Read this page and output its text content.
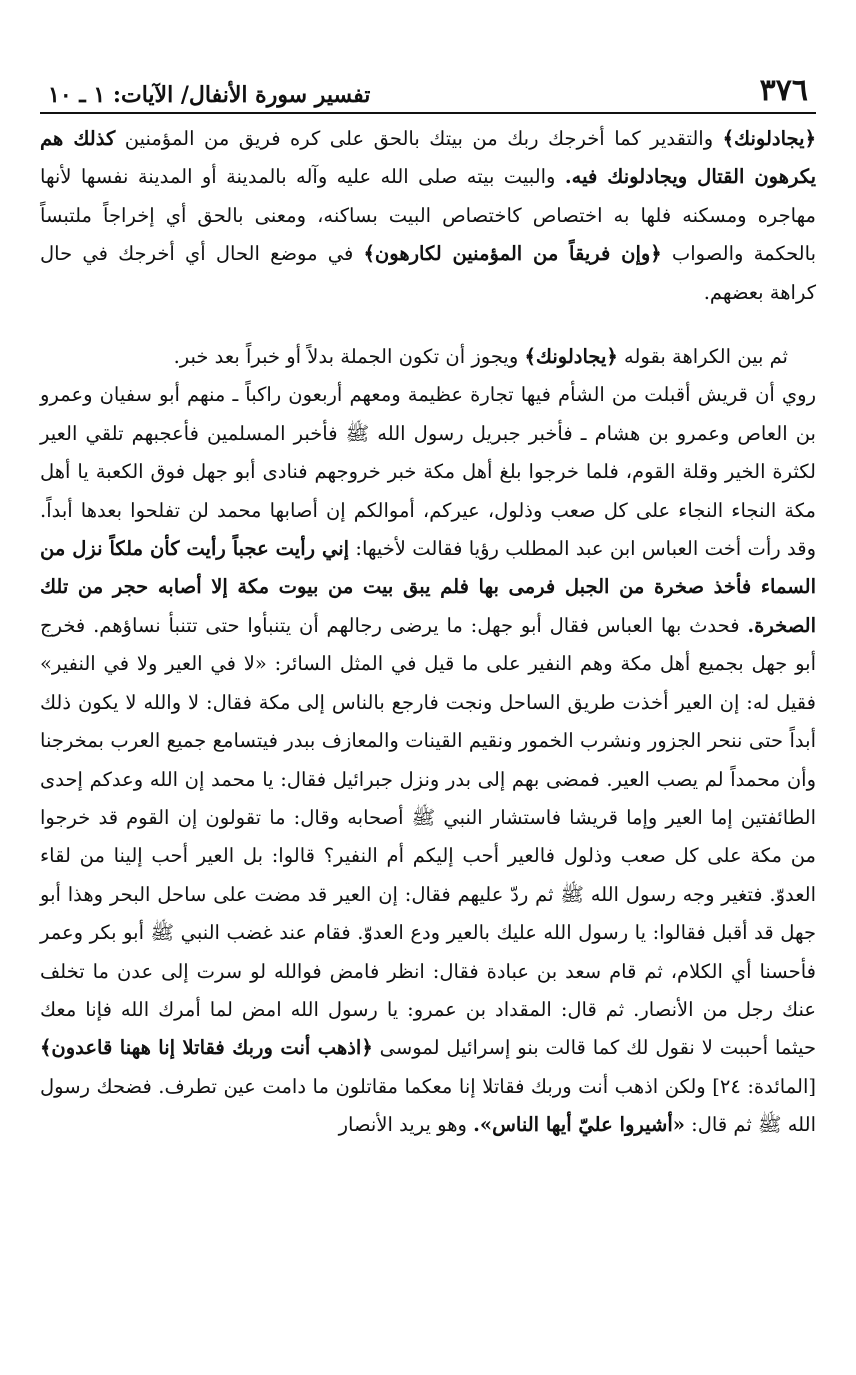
٣٧٦
تفسير سورة الأنفال/ الآيات: ١ ـ ١٠

﴿يجادلونك﴾ والتقدير كما أخرجك ربك من بيتك بالحق على كره فريق من المؤمنين كذلك هم يكرهون القتال ويجادلونك فيه. والبيت بيته صلى الله عليه وآله بالمدينة أو المدينة نفسها لأنها مهاجره ومسكنه فلها به اختصاص كاختصاص البيت بساكنه، ومعنى بالحق أي إخراجاً ملتبساً بالحكمة والصواب ﴿وإن فريقاً من المؤمنين لكارهون﴾ في موضع الحال أي أخرجك في حال كراهة بعضهم.

ثم بين الكراهة بقوله ﴿يجادلونك﴾ ويجوز أن تكون الجملة بدلاً أو خبراً بعد خبر.

روي أن قريش أقبلت من الشأم فيها تجارة عظيمة ومعهم أربعون راكباً ـ منهم أبو سفيان وعمرو بن العاص وعمرو بن هشام ـ فأخبر جبريل رسول الله ﷺ فأخبر المسلمين فأعجبهم تلقي العير لكثرة الخير وقلة القوم، فلما خرجوا بلغ أهل مكة خبر خروجهم فنادى أبو جهل فوق الكعبة يا أهل مكة النجاء النجاء على كل صعب وذلول، عيركم، أموالكم إن أصابها محمد لن تفلحوا بعدها أبداً. وقد رأت أخت العباس ابن عبد المطلب رؤيا فقالت لأخيها: إني رأيت عجباً رأيت كأن ملكاً نزل من السماء فأخذ صخرة من الجبل فرمى بها فلم يبق بيت من بيوت مكة إلا أصابه حجر من تلك الصخرة. فحدث بها العباس فقال أبو جهل: ما يرضى رجالهم أن يتنبأوا حتى تتنبأ نساؤهم. فخرج أبو جهل بجميع أهل مكة وهم النفير على ما قيل في المثل السائر: «لا في العير ولا في النفير» فقيل له: إن العير أخذت طريق الساحل ونجت فارجع بالناس إلى مكة فقال: لا والله لا يكون ذلك أبداً حتى ننحر الجزور ونشرب الخمور ونقيم القينات والمعازف ببدر فيتسامع جميع العرب بمخرجنا وأن محمداً لم يصب العير. فمضى بهم إلى بدر ونزل جبرائيل فقال: يا محمد إن الله وعدكم إحدى الطائفتين إما العير وإما قريشا فاستشار النبي ﷺ أصحابه وقال: ما تقولون إن القوم قد خرجوا من مكة على كل صعب وذلول فالعير أحب إليكم أم النفير؟ قالوا: بل العير أحب إلينا من لقاء العدوّ. فتغير وجه رسول الله ﷺ ثم ردّ عليهم فقال: إن العير قد مضت على ساحل البحر وهذا أبو جهل قد أقبل فقالوا: يا رسول الله عليك بالعير ودع العدوّ. فقام عند غضب النبي ﷺ أبو بكر وعمر فأحسنا أي الكلام، ثم قام سعد بن عبادة فقال: انظر فامض فوالله لو سرت إلى عدن ما تخلف عنك رجل من الأنصار. ثم قال: المقداد بن عمرو: يا رسول الله امض لما أمرك الله فإنا معك حيثما أحببت لا نقول لك كما قالت بنو إسرائيل لموسى ﴿اذهب أنت وربك فقاتلا إنا ههنا قاعدون﴾ [المائدة: ٢٤] ولكن اذهب أنت وربك فقاتلا إنا معكما مقاتلون ما دامت عين تطرف. فضحك رسول الله ﷺ ثم قال: «أشيروا عليّ أيها الناس». وهو يريد الأنصار
